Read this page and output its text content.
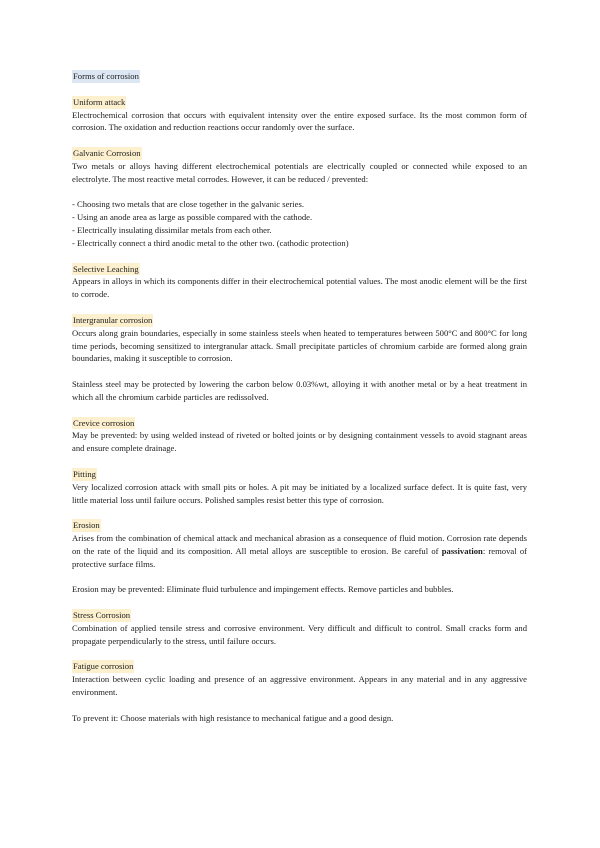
Forms of corrosion
Uniform attack

Electrochemical corrosion that occurs with equivalent intensity over the entire exposed surface. Its the most common form of corrosion. The oxidation and reduction reactions occur randomly over the surface.

Galvanic Corrosion

Two metals or alloys having different electrochemical potentials are electrically coupled or connected while exposed to an electrolyte. The most reactive metal corrodes. However, it can be reduced / prevented:

- Choosing two metals that are close together in the galvanic series.
- Using an anode area as large as possible compared with the cathode.
- Electrically insulating dissimilar metals from each other.
- Electrically connect a third anodic metal to the other two. (cathodic protection)
Selective Leaching

Appears in alloys in which its components differ in their electrochemical potential values. The most anodic element will be the first to corrode.

Intergranular corrosion

Occurs along grain boundaries, especially in some stainless steels when heated to temperatures between 500°C and 800°C for long time periods, becoming sensitized to intergranular attack. Small precipitate particles of chromium carbide are formed along grain boundaries, making it susceptible to corrosion.

Stainless steel may be protected by lowering the carbon below 0.03%wt, alloying it with another metal or by a heat treatment in which all the chromium carbide particles are redissolved.

Crevice corrosion

May be prevented: by using welded instead of riveted or bolted joints or by designing containment vessels to avoid stagnant areas and ensure complete drainage.

Pitting

Very localized corrosion attack with small pits or holes. A pit may be initiated by a localized surface defect. It is quite fast, very little material loss until failure occurs. Polished samples resist better this type of corrosion.

Erosion

Arises from the combination of chemical attack and mechanical abrasion as a consequence of fluid motion. Corrosion rate depends on the rate of the liquid and its composition. All metal alloys are susceptible to erosion. Be careful of passivation: removal of protective surface films.

Erosion may be prevented: Eliminate fluid turbulence and impingement effects. Remove particles and bubbles.

Stress Corrosion

Combination of applied tensile stress and corrosive environment. Very difficult and difficult to control. Small cracks form and propagate perpendicularly to the stress, until failure occurs.

Fatigue corrosion

Interaction between cyclic loading and presence of an aggressive environment. Appears in any material and in any aggressive environment.

To prevent it: Choose materials with high resistance to mechanical fatigue and a good design.
